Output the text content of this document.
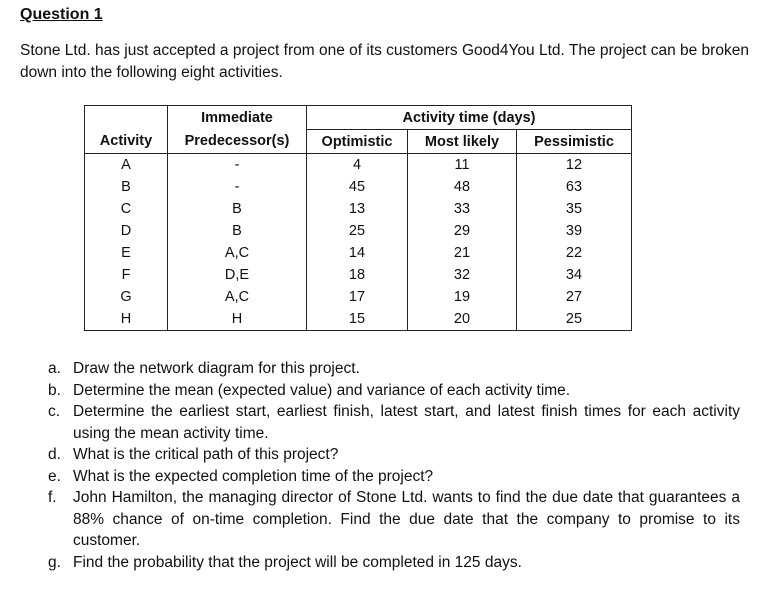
Question 1

Stone Ltd. has just accepted a project from one of its customers Good4You Ltd. The project can be broken down into the following eight activities.

	Immediate	Activity time (days)		
Activity	Predecessor(s)	Optimistic	Most likely	Pessimistic
A	-	4	11	12
B	-	45	48	63
C	B	13	33	35
D	B	25	29	39
E	A,C	14	21	22
F	D,E	18	32	34
G	A,C	17	19	27
H	H	15	20	25
a. Draw the network diagram for this project.
b. Determine the mean (expected value) and variance of each activity time.
c. Determine the earliest start, earliest finish, latest start, and latest finish times for each activity using the mean activity time.
d. What is the critical path of this project?
e. What is the expected completion time of the project?
f. John Hamilton, the managing director of Stone Ltd. wants to find the due date that guarantees a 88% chance of on-time completion. Find the due date that the company to promise to its customer.
g. Find the probability that the project will be completed in 125 days.
